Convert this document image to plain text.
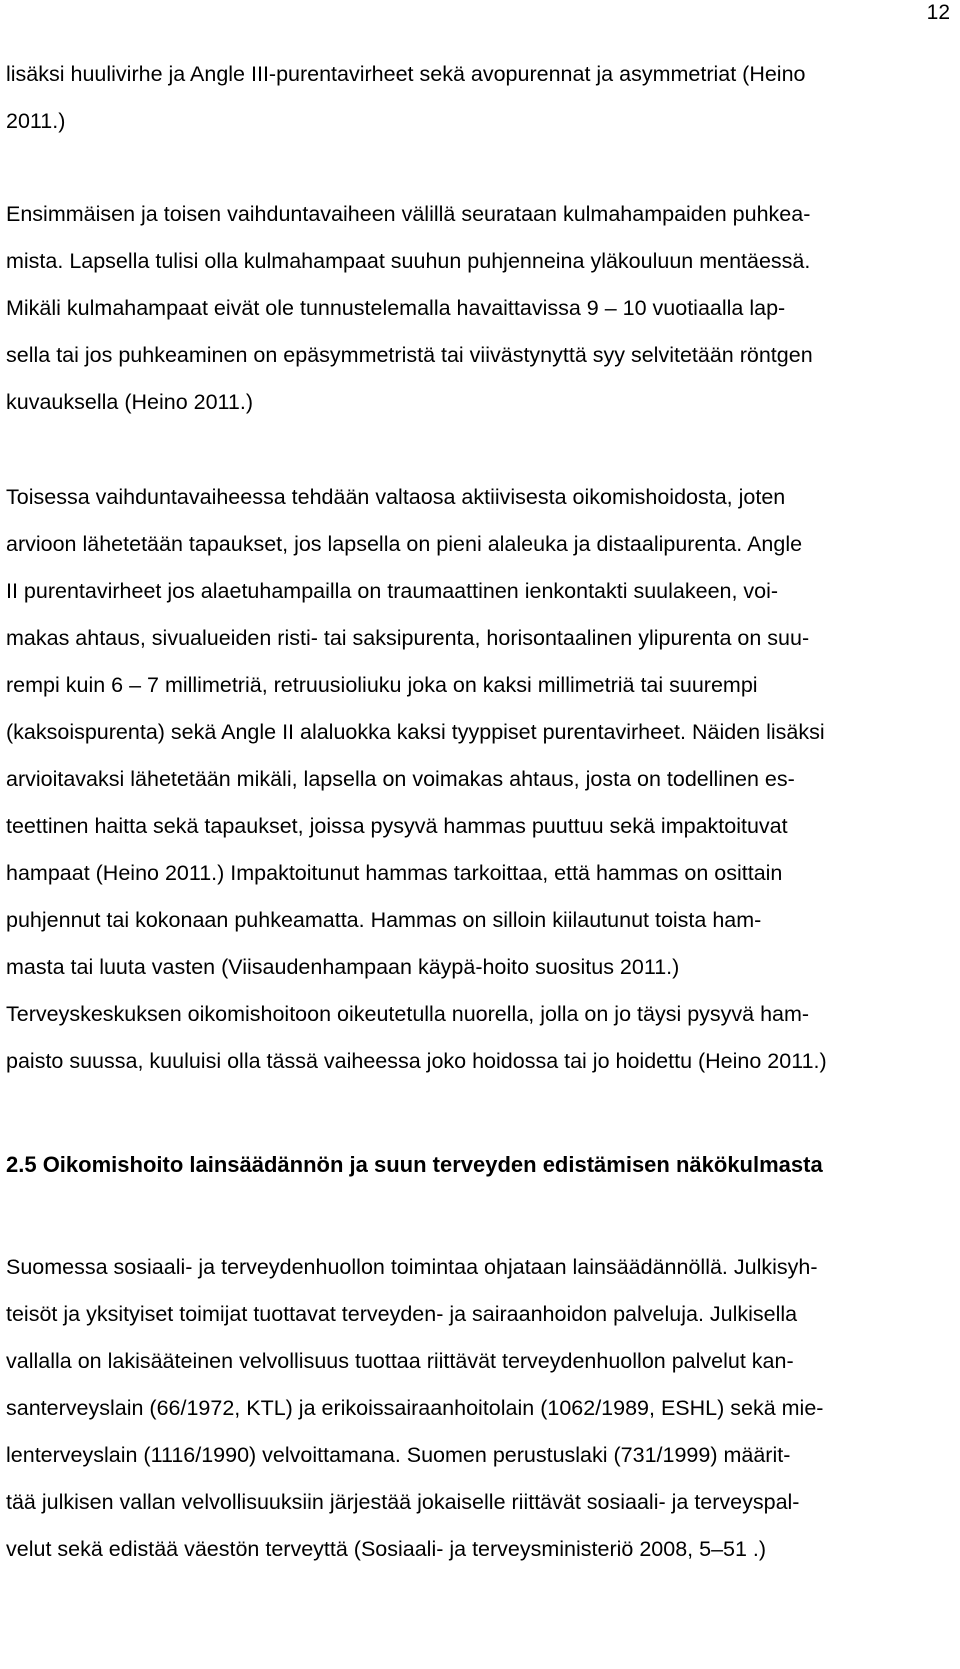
12
lisäksi huulivirhe ja Angle III-purentavirheet sekä avopurennat ja asymmetriat (Heino
2011.)
Ensimmäisen ja toisen vaihduntavaiheen välillä seurataan kulmahampaiden puhkea-
mista. Lapsella tulisi olla kulmahampaat suuhun puhjenneina yläkouluun mentäessä.
Mikäli kulmahampaat eivät ole tunnustelemalla havaittavissa 9 – 10 vuotiaalla lap-
sella tai jos puhkeaminen on epäsymmetristä tai viivästynyttä syy selvitetään röntgen
kuvauksella (Heino 2011.)
Toisessa vaihduntavaiheessa tehdään valtaosa aktiivisesta oikomishoidosta, joten
arvioon lähetetään tapaukset, jos lapsella on pieni alaleuka ja distaalipurenta. Angle
II purentavirheet jos alaetuhampailla on traumaattinen ienkontakti suulakeen, voi-
makas ahtaus, sivualueiden risti- tai saksipurenta, horisontaalinen ylipurenta on suu-
rempi kuin 6 – 7 millimetriä, retruusioliuku joka on kaksi millimetriä tai suurempi
(kaksoispurenta) sekä Angle II alaluokka kaksi tyyppiset purentavirheet. Näiden lisäksi
arvioitavaksi lähetetään mikäli, lapsella on voimakas ahtaus, josta on todellinen es-
teettinen haitta sekä tapaukset, joissa pysyvä hammas puuttuu sekä impaktoituvat
hampaat (Heino 2011.) Impaktoitunut hammas tarkoittaa, että hammas on osittain
puhjennut tai kokonaan puhkeamatta. Hammas on silloin kiilautunut toista ham-
masta tai luuta vasten (Viisaudenhampaan käypä-hoito suositus 2011.)
Terveyskeskuksen oikomishoitoon oikeutetulla nuorella, jolla on jo täysi pysyvä ham-
paisto suussa, kuuluisi olla tässä vaiheessa joko hoidossa tai jo hoidettu (Heino 2011.)
2.5 Oikomishoito lainsäädännön ja suun terveyden edistämisen näkökulmasta
Suomessa sosiaali- ja terveydenhuollon toimintaa ohjataan lainsäädännöllä. Julkisyh-
teisöt ja yksityiset toimijat tuottavat terveyden- ja sairaanhoidon palveluja. Julkisella
vallalla on lakisääteinen velvollisuus tuottaa riittävät terveydenhuollon palvelut kan-
santerveyslain (66/1972, KTL) ja erikoissairaanhoitolain (1062/1989, ESHL) sekä mie-
lenterveyslain (1116/1990) velvoittamana. Suomen perustuslaki (731/1999) määrit-
tää julkisen vallan velvollisuuksiin järjestää jokaiselle riittävät sosiaali- ja terveyspal-
velut sekä edistää väestön terveyttä (Sosiaali- ja terveysministeriö 2008, 5–51 .)
